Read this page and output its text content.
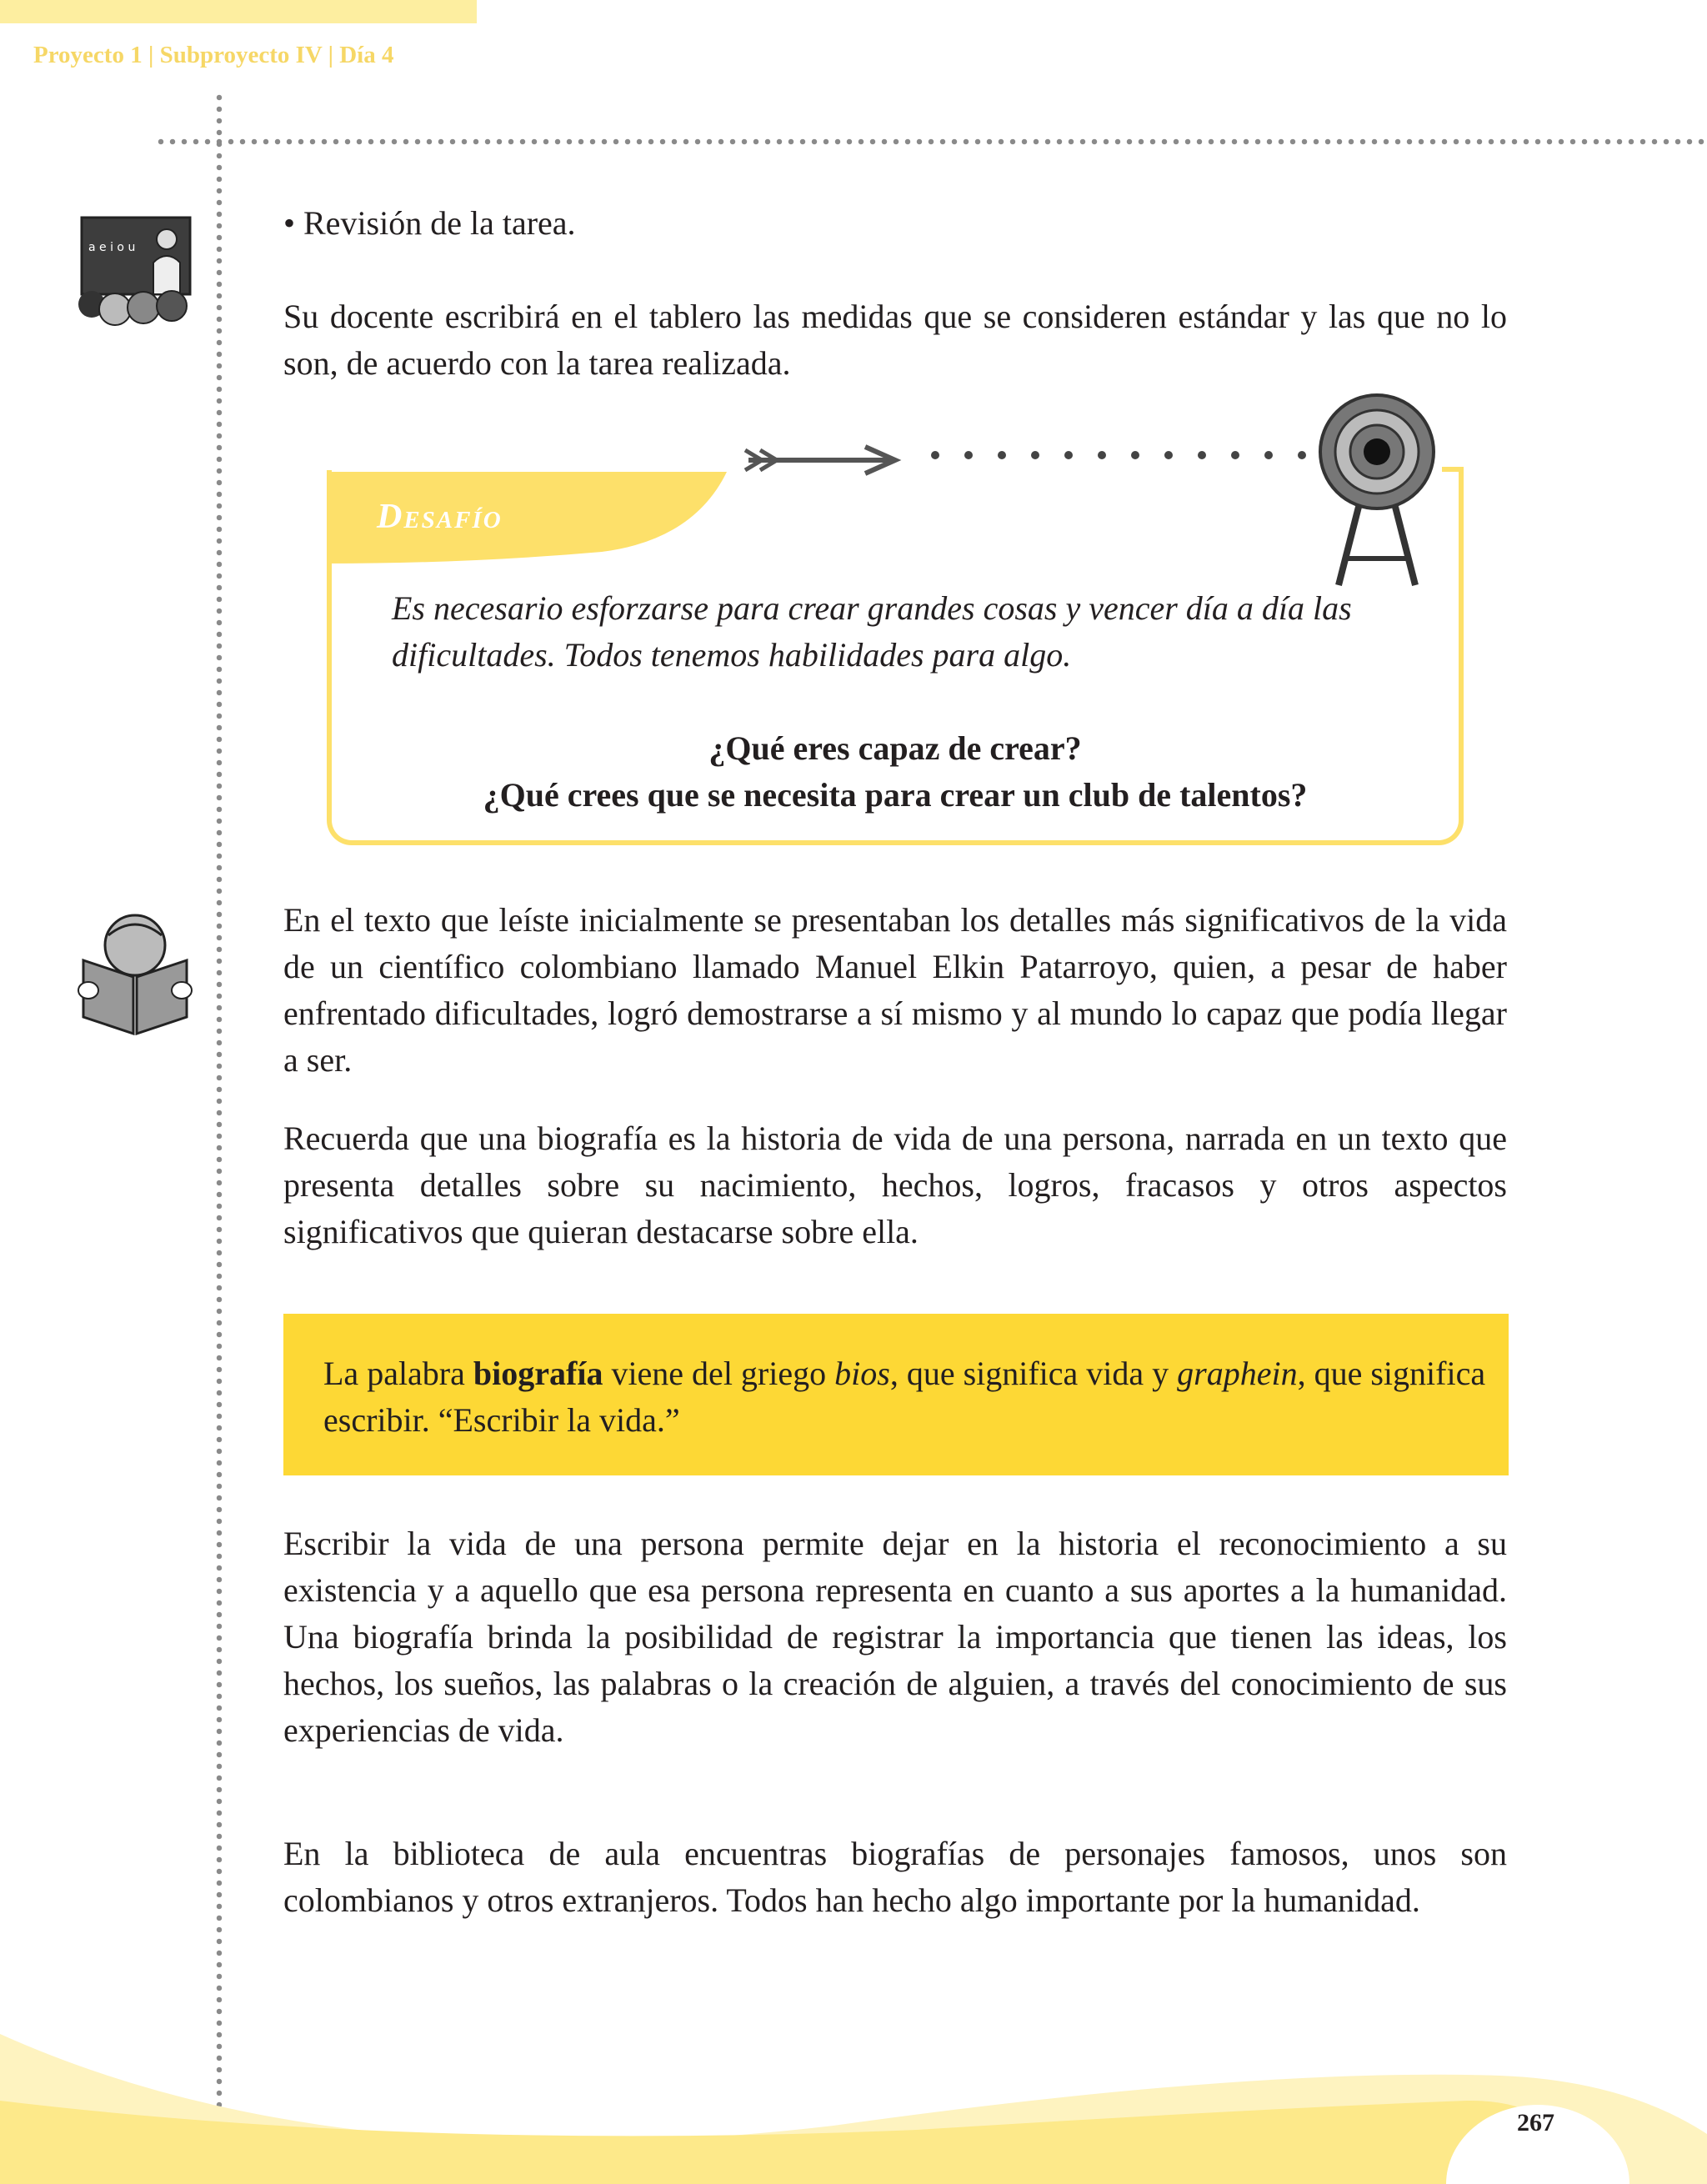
Proyecto 1 | Subproyecto IV | Día 4
a e i o u
• Revisión de la tarea.

Su docente escribirá en el tablero las medidas que se consideren estándar y las que no lo son, de acuerdo con la tarea realizada.

Desafío

Es necesario esforzarse para crear grandes cosas y vencer día a día las dificultades. Todos tenemos habilidades para algo.

¿Qué eres capaz de crear?
¿Qué crees que se necesita para crear un club de talentos?

En el texto que leíste inicialmente se presentaban los detalles más significativos de la vida de un científico colombiano llamado Manuel Elkin Patarroyo, quien, a pesar de haber enfrentado dificultades, logró demostrarse a sí mismo y al mundo lo capaz que podía llegar a ser.

Recuerda que una biografía es la historia de vida de una persona, narrada en un texto que presenta detalles sobre su nacimiento, hechos, logros, fracasos y otros aspectos significativos que quieran destacarse sobre ella.

La palabra biografía viene del griego bios, que significa vida y graphein, que significa escribir. “Escribir la vida.”

Escribir la vida de una persona permite dejar en la historia el reconocimiento a su existencia y a aquello que esa persona representa en cuanto a sus aportes a la humanidad. Una biografía brinda la posibilidad de registrar la importancia que tienen las ideas, los hechos, los sueños, las palabras o la creación de alguien, a través del conocimiento de sus experiencias de vida.

En la biblioteca de aula encuentras biografías de personajes famosos, unos son colombianos y otros extranjeros. Todos han hecho algo importante por la humanidad.

267
